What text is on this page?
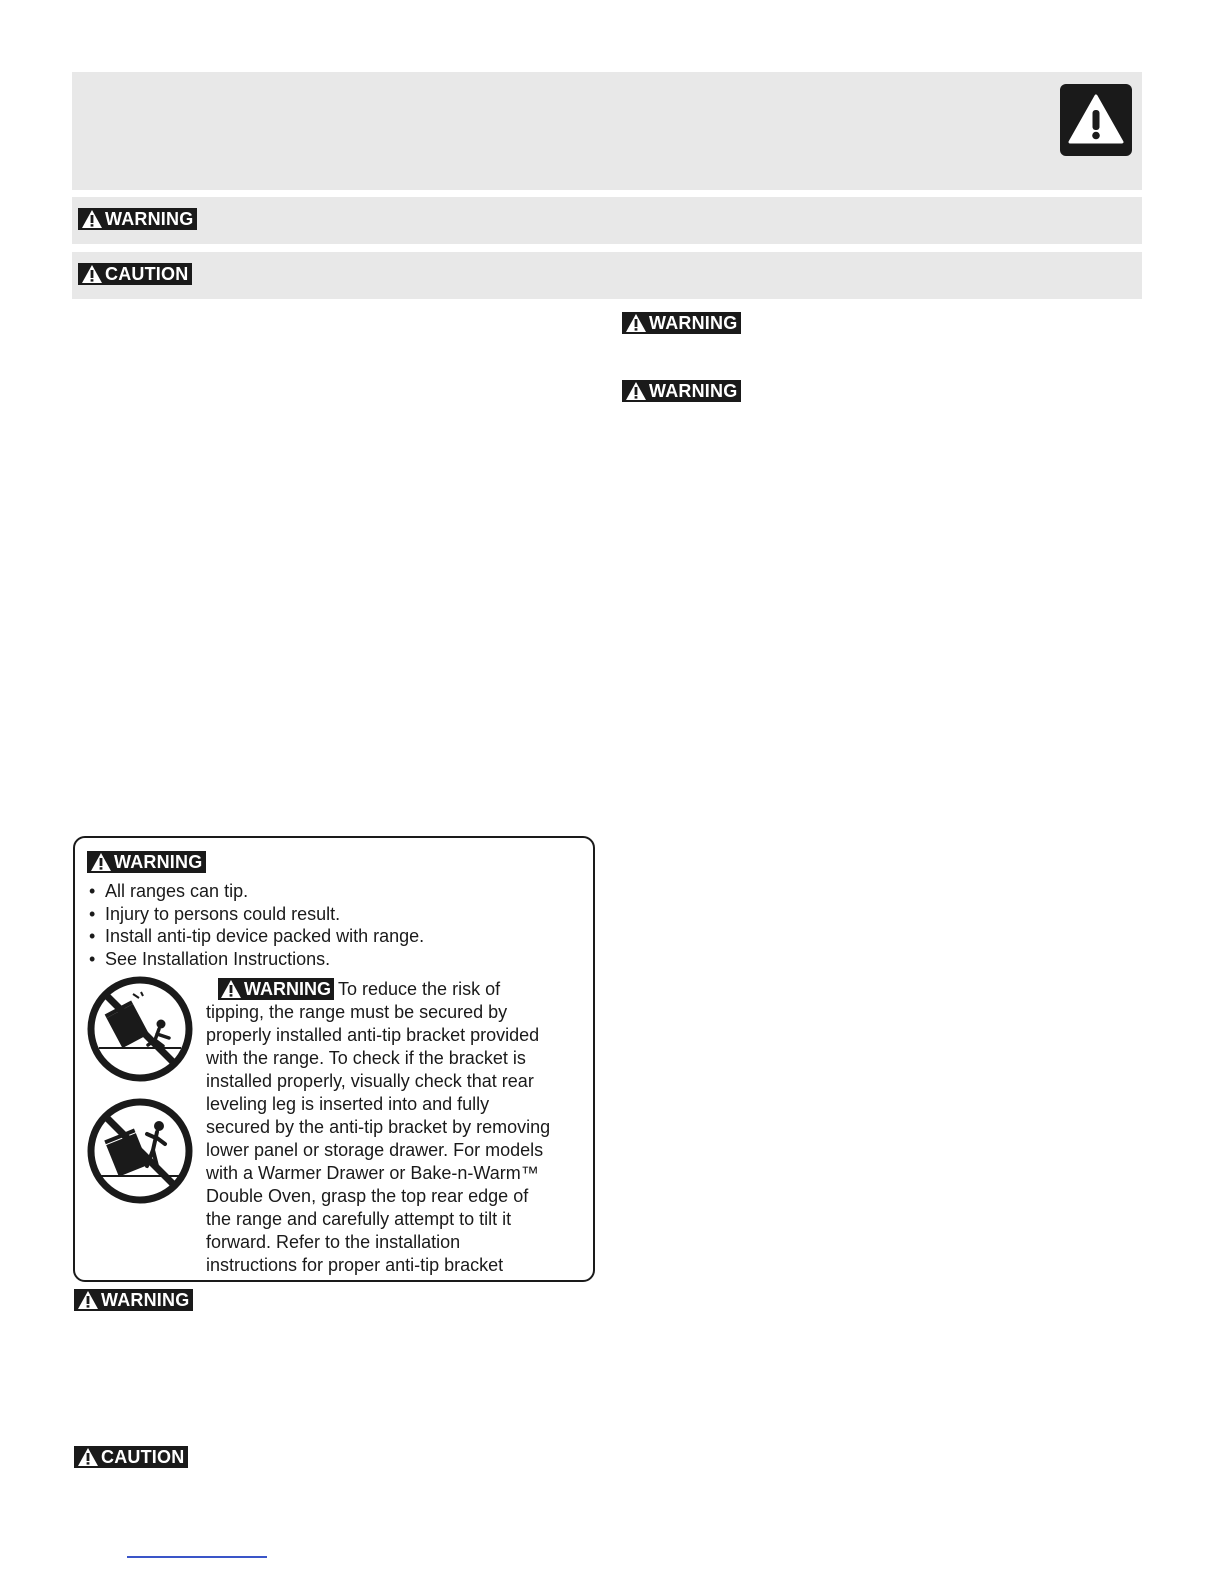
WARNING
CAUTION
WARNING
WARNING
WARNING
• All ranges can tip.
• Injury to persons could result.
• Install anti-tip device packed with range.
• See Installation Instructions.
WARNING To reduce the risk of
tipping, the range must be secured by
properly installed anti-tip bracket provided
with the range. To check if the bracket is
installed properly, visually check that rear
leveling leg is inserted into and fully
secured by the anti-tip bracket by removing
lower panel or storage drawer. For models
with a Warmer Drawer or Bake-n-Warm™
Double Oven, grasp the top rear edge of
the range and carefully attempt to tilt it
forward. Refer to the installation
instructions for proper anti-tip bracket
WARNING
CAUTION
